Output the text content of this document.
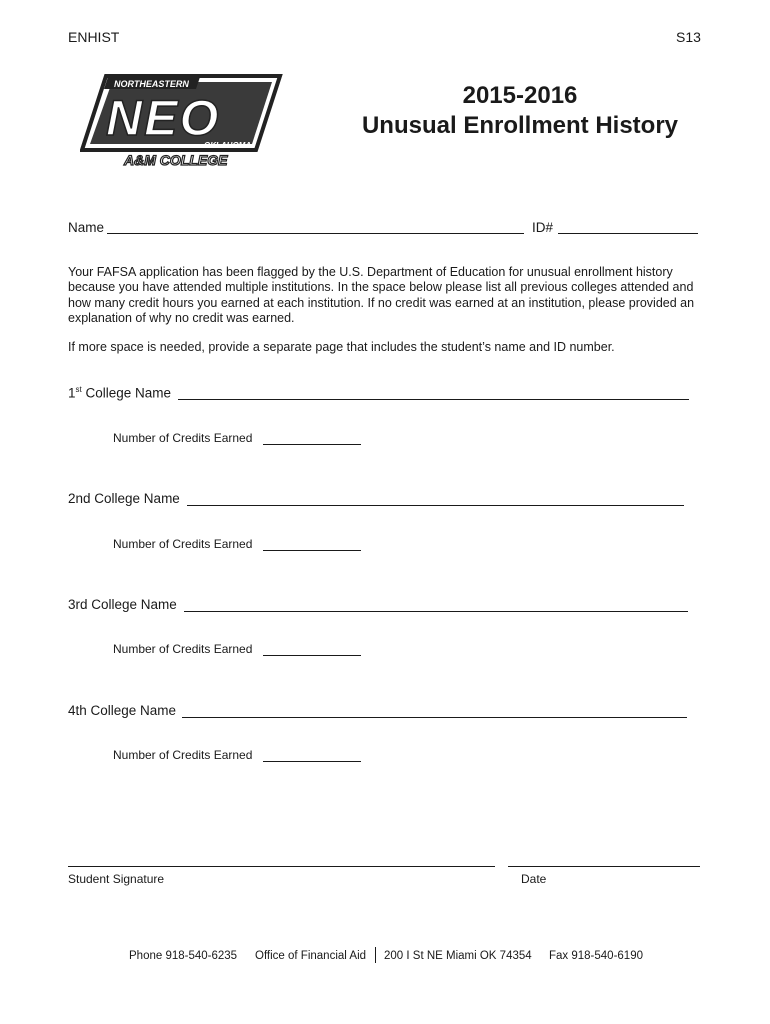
ENHIST	S13
NORTHEASTERN
NEO
OKLAHOMA
A&M COLLEGE
2015-2016
Unusual Enrollment History
Name	ID#
Your FAFSA application has been flagged by the U.S. Department of Education for unusual enrollment history because you have attended multiple institutions. In the space below please list all previous colleges attended and how many credit hours you earned at each institution. If no credit was earned at an institution, please provided an explanation of why no credit was earned.
If more space is needed, provide a separate page that includes the student’s name and ID number.
1st College Name
Number of Credits Earned
2nd College Name
Number of Credits Earned
3rd College Name
Number of Credits Earned
4th College Name
Number of Credits Earned
Student Signature	Date
Phone 918-540-6235 Office of Financial Aid 200 I St NE Miami OK 74354 Fax 918-540-6190
